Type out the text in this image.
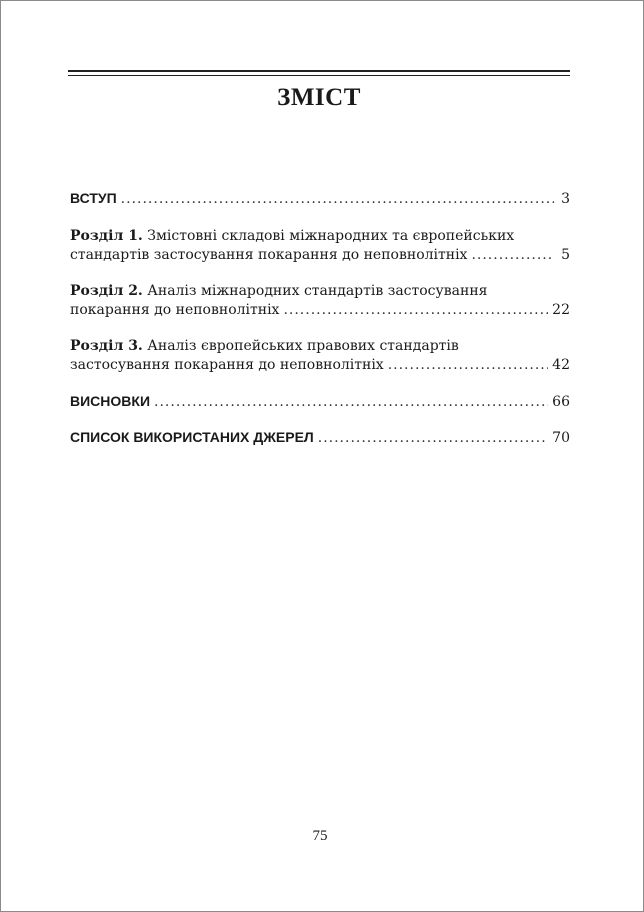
ЗМІСТ
ВСТУП .....	3
Розділ 1. Змістовні складові міжнародних та європейських
стандартів застосування покарання до неповнолітніх .....	5
Розділ 2. Аналіз міжнародних стандартів застосування
покарання до неповнолітніх .....	22
Розділ 3. Аналіз європейських правових стандартів
застосування покарання до неповнолітніх .....	42
ВИСНОВКИ .....	66
СПИСОК ВИКОРИСТАНИХ ДЖЕРЕЛ .....	70
75
